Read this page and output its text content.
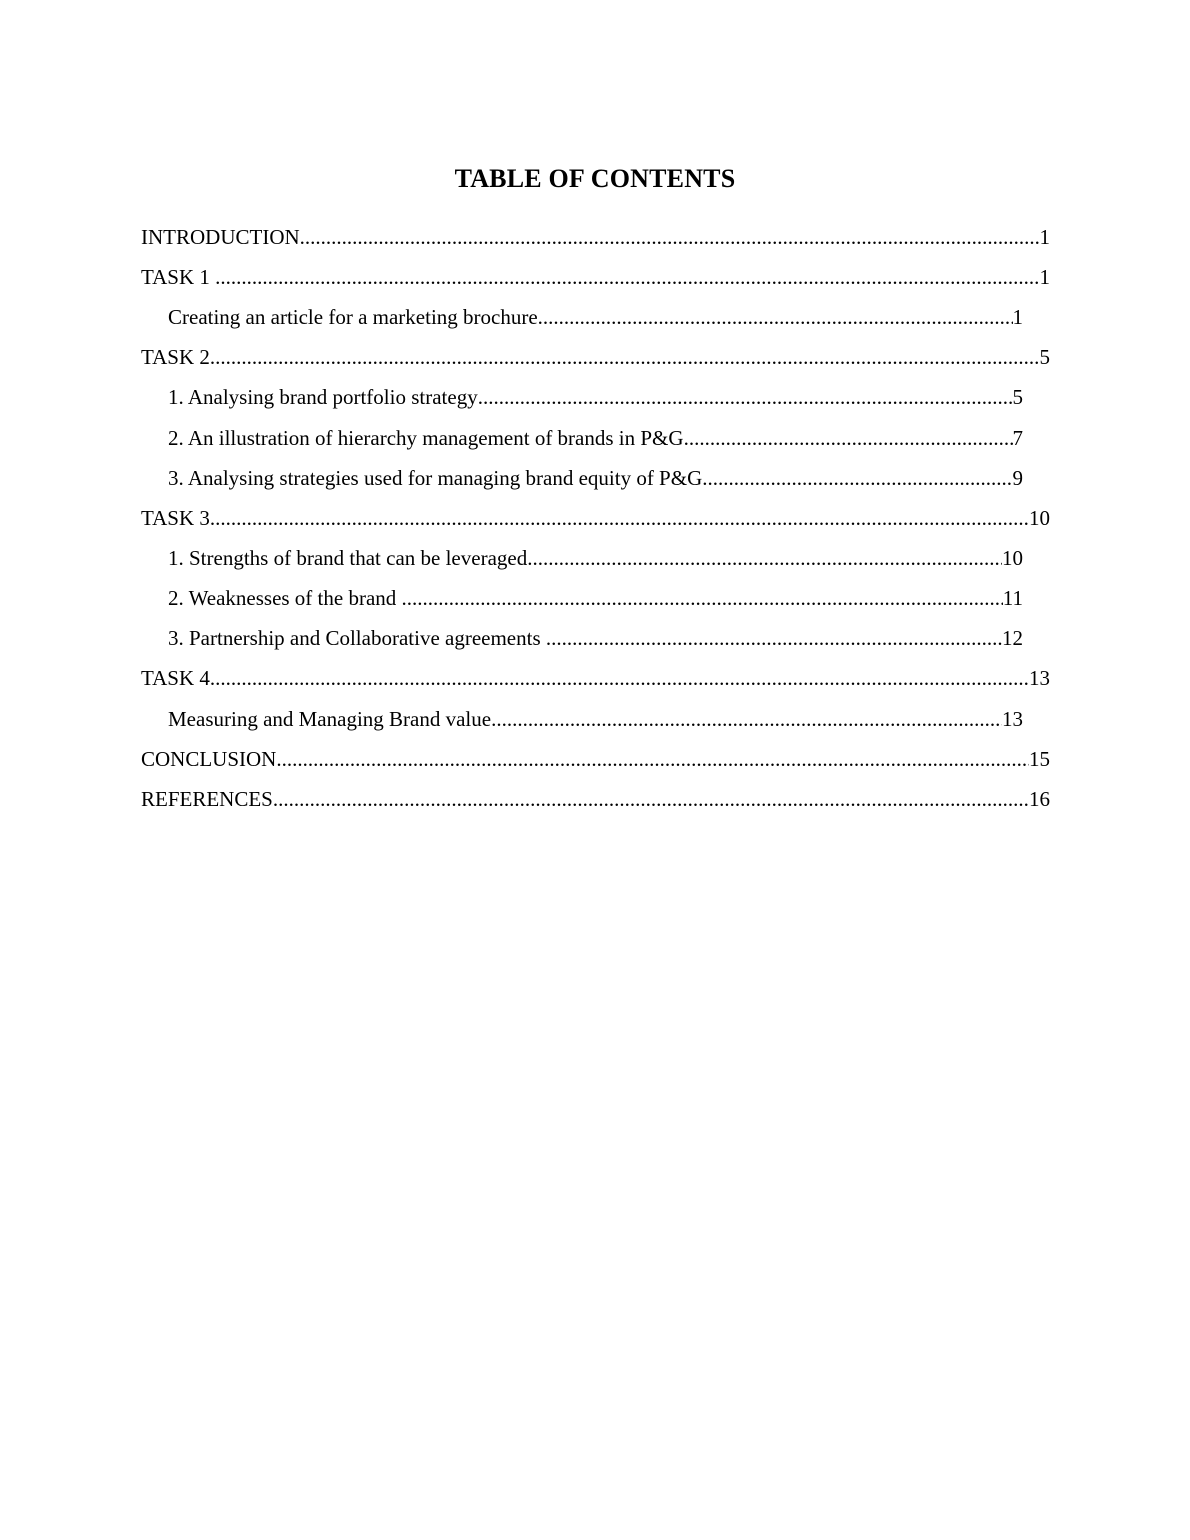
TABLE OF CONTENTS
INTRODUCTION .....	1
TASK 1 .....	1
Creating an article for a marketing brochure .....	1
TASK 2 .....	5
1. Analysing brand portfolio strategy .....	5
2. An illustration of hierarchy management of brands in P&G .....	7
3. Analysing strategies used for managing brand equity of P&G .....	9
TASK 3 .....	10
1. Strengths of brand that can be leveraged .....	10
2. Weaknesses of the brand .....	11
3. Partnership and Collaborative agreements .....	12
TASK 4 .....	13
Measuring and Managing Brand value .....	13
CONCLUSION .....	15
REFERENCES .....	16
